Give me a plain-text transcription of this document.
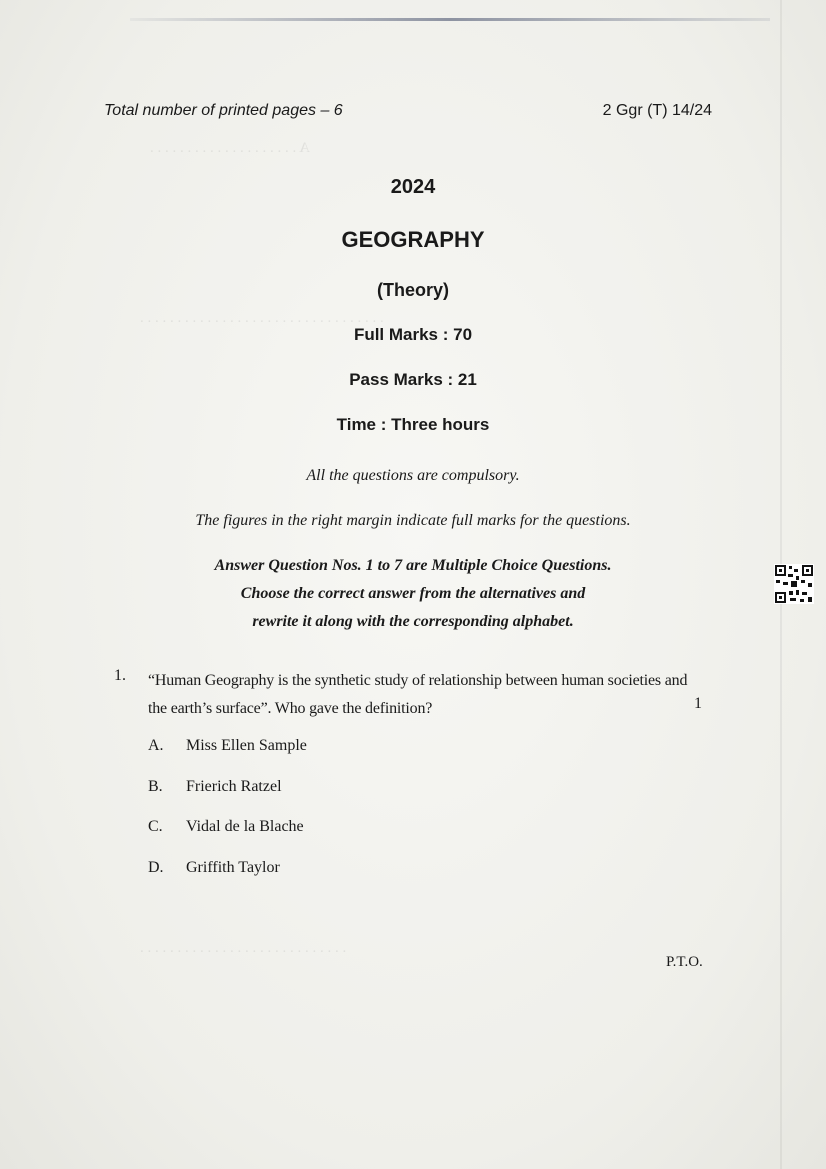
A . . . . . . . . . . . . . . . . . . . .
. . . . . . . . . . . . . . . . . . . . . . . . . . . . . . . . .
. . . . . . . . . . . . . . . . . . . . . . . . . . . .
Total number of printed pages – 6	2 Ggr (T) 14/24
2024
GEOGRAPHY
(Theory)
Full Marks : 70
Pass Marks : 21
Time : Three hours
All the questions are compulsory.
The figures in the right margin indicate full marks for the questions.
Answer Question Nos. 1 to 7 are Multiple Choice Questions.
Choose the correct answer from the alternatives and
rewrite it along with the corresponding alphabet.
1. “Human Geography is the synthetic study of relationship between human societies and the earth’s surface”. Who gave the definition?	1
A. Miss Ellen Sample
B. Frierich Ratzel
C. Vidal de la Blache
D. Griffith Taylor
P.T.O.
